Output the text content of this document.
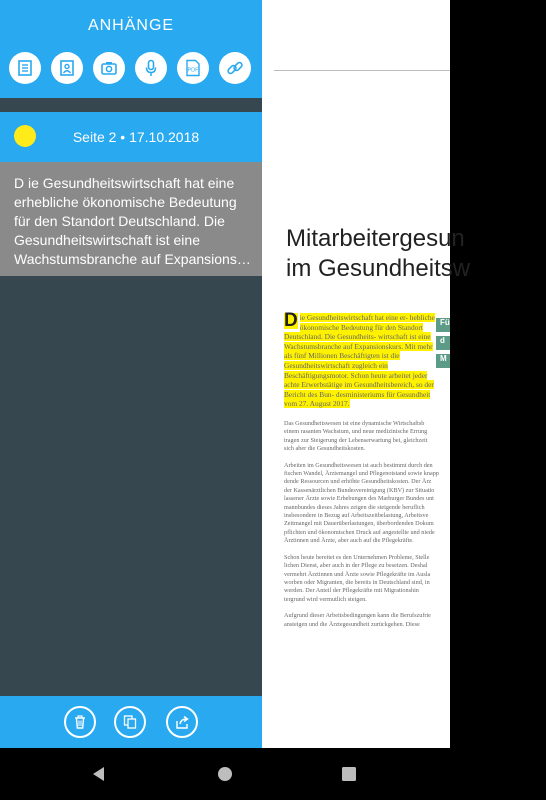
ANHÄNGE
PDF
Seite 2 • 17.10.2018
D ie Gesundheitswirtschaft hat eine erhebliche ökonomische Bedeutung für den Standort Deutschland. Die Gesundheitswirtschaft ist eine Wachstumsbranche auf Expansions…
Mitarbeitergesun
im Gesundheitsw
D ie Gesundheitswirtschaft hat eine er- hebliche ökonomische Bedeutung für den Standort Deutschland. Die Gesundheits- wirtschaft ist eine Wachstumsbranche auf Expansionskurs. Mit mehr als fünf Millionen Beschäftigten ist die Gesundheitswirtschaft zugleich ein Beschäftigungsmotor. Schon heute arbeitet jeder achte Erwerbstätige im Gesundheitsbereich, so der Bericht des Bun- desministeriums für Gesundheit vom 27. August 2017.
Fü
d
M
Das Gesundheitswesen ist eine dynamische Wirtschaftsb
einem rasanten Wachstum, und neue medizinische Errung
tragen zur Steigerung der Lebenserwartung bei, gleichzeit
sich aber die Gesundheitskosten.
Arbeiten im Gesundheitswesen ist auch bestimmt durch den
fischen Wandel, Ärztemangel und Pflegenotstand sowie knapp
dende Ressourcen und erhöhte Gesundheitskosten. Der Ärz
der Kassenärztlichen Bundesvereinigung (KBV) zur Situatio
lassener Ärzte sowie Erhebungen des Marburger Bundes unt
mannbundes dieses Jahres zeigen die steigende beruflich
insbesondere in Bezug auf Arbeitszeitbelastung, Arbeitsve
Zeitmangel mit Dauerüberlastungen, überbordenden Dokum
pflichten und ökonomischen Druck auf angestellte und niede
Ärztinnen und Ärzte, aber auch auf die Pflegekräfte.
Schon heute bereitet es den Unternehmen Probleme, Stelle
lichen Dienst, aber auch in der Pflege zu besetzen. Deshal
vermehrt Ärztinnen und Ärzte sowie Pflegekräfte im Ausla
worben oder Migranten, die bereits in Deutschland sind, in
werden. Der Anteil der Pflegekräfte mit Migrationshin
tergrund wird vermutlich steigen.
Aufgrund dieser Arbeitsbedingungen kann die Berufszufrie
ansteigen und die Ärztegesundheit zurückgehen. Diese
